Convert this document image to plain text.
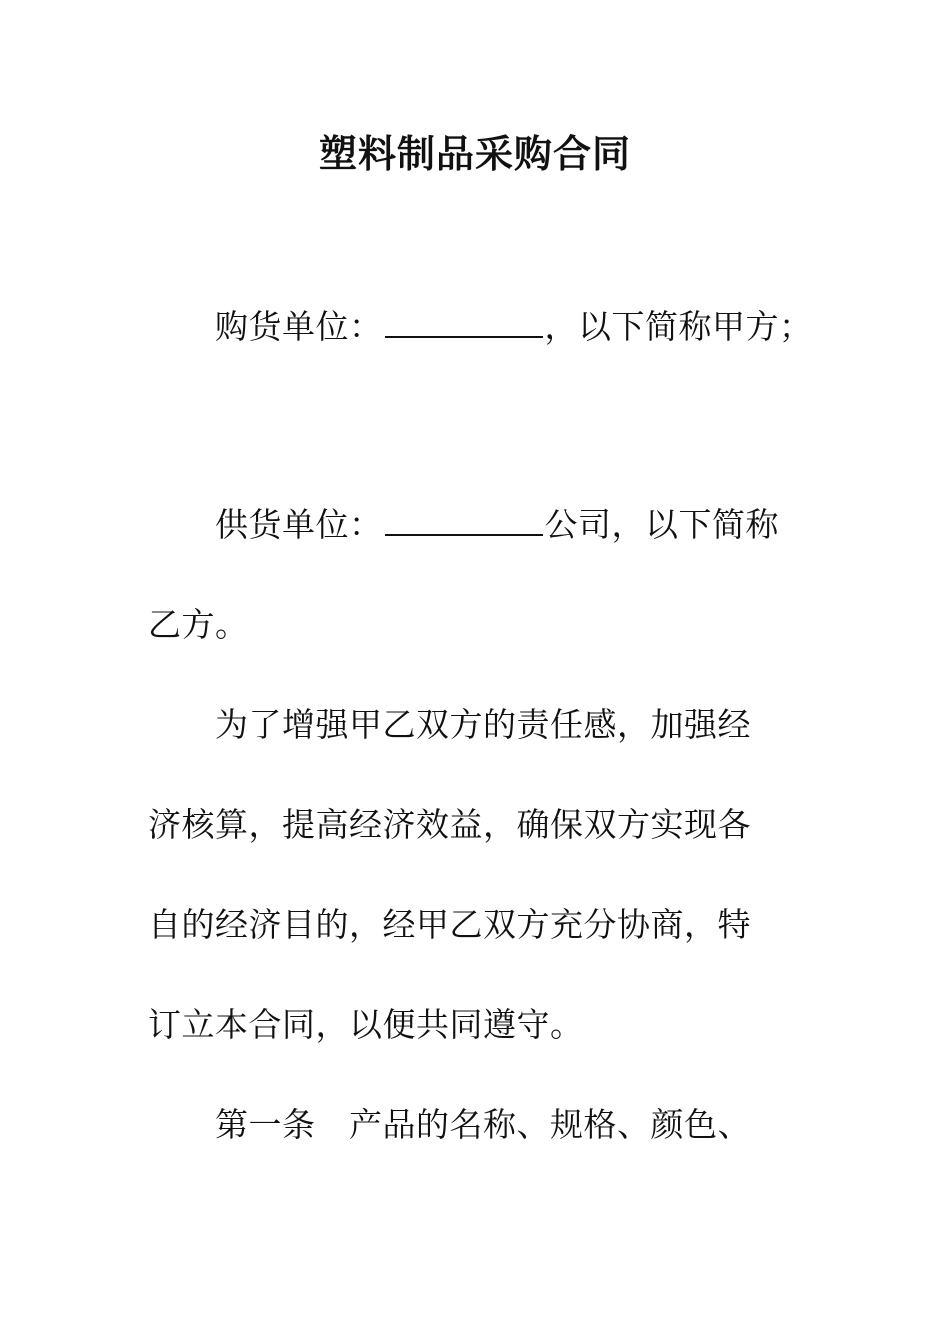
塑料制品采购合同
购货单位：	，以下简称甲方；
供货单位：	公司，以下简称
乙方。
为了增强甲乙双方的责任感，加强经
济核算，提高经济效益，确保双方实现各
自的经济目的，经甲乙双方充分协商，特
订立本合同，以便共同遵守。
第一条　产品的名称、规格、颜色、
